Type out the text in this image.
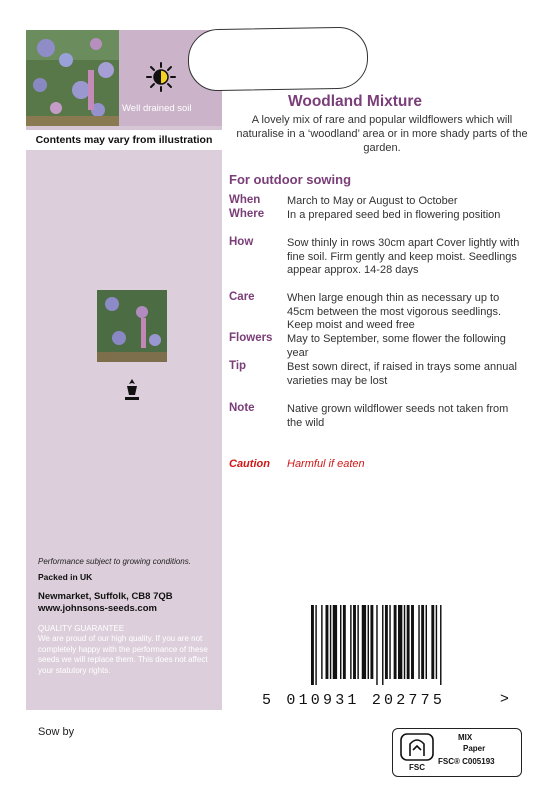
Well drained soil
Contents may vary from illustration
Performance subject to growing conditions.
Packed in UK
Newmarket, Suffolk, CB8 7QB
www.johnsons-seeds.com
QUALITY GUARANTEE
We are proud of our high quality. If you are not completely happy with the performance of these seeds we will replace them. This does not affect your statutory rights.
Woodland Mixture
A lovely mix of rare and popular wildflowers which will naturalise in a ‘woodland’ area or in more shady parts of the garden.
For outdoor sowing
When March to May or August to October
Where In a prepared seed bed in flowering position
How	Sow thinly in rows 30cm apart Cover lightly with fine soil. Firm gently and keep moist. Seedlings appear approx. 14-28 days
Care	When large enough thin as necessary up to 45cm between the most vigorous seedlings. Keep moist and weed free
Flowers May to September, some flower the following year
Tip	Best sown direct, if raised in trays some annual varieties may be lost
Note	Native grown wildflower seeds not taken from the wild
Caution Harmful if eaten
5 010931 202775	>
Sow by
FSC
MIX
Paper
FSC® C005193
